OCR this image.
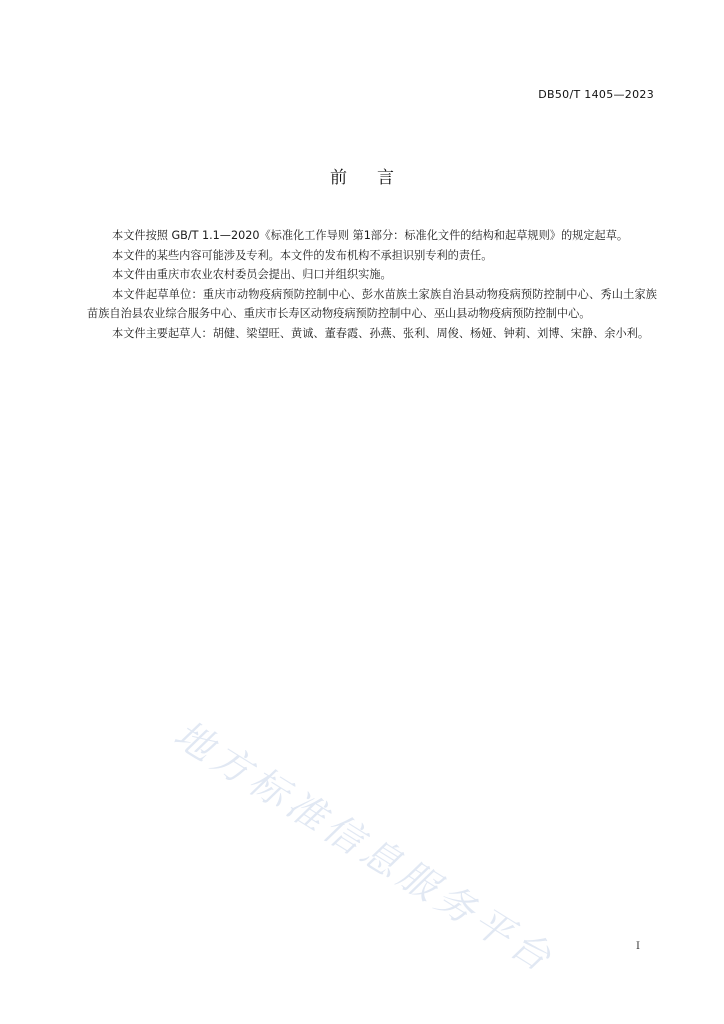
DB50/T 1405—2023
前言

本文件按照 GB/T 1.1—2020《标准化工作导则 第1部分：标准化文件的结构和起草规则》的规定起草。

本文件的某些内容可能涉及专利。本文件的发布机构不承担识别专利的责任。

本文件由重庆市农业农村委员会提出、归口并组织实施。

本文件起草单位：重庆市动物疫病预防控制中心、彭水苗族土家族自治县动物疫病预防控制中心、秀山土家族苗族自治县农业综合服务中心、重庆市长寿区动物疫病预防控制中心、巫山县动物疫病预防控制中心。

本文件主要起草人：胡健、梁望旺、黄诚、董春霞、孙燕、张利、周俊、杨娅、钟莉、刘博、宋静、余小利。

地方标准信息服务平台	I
